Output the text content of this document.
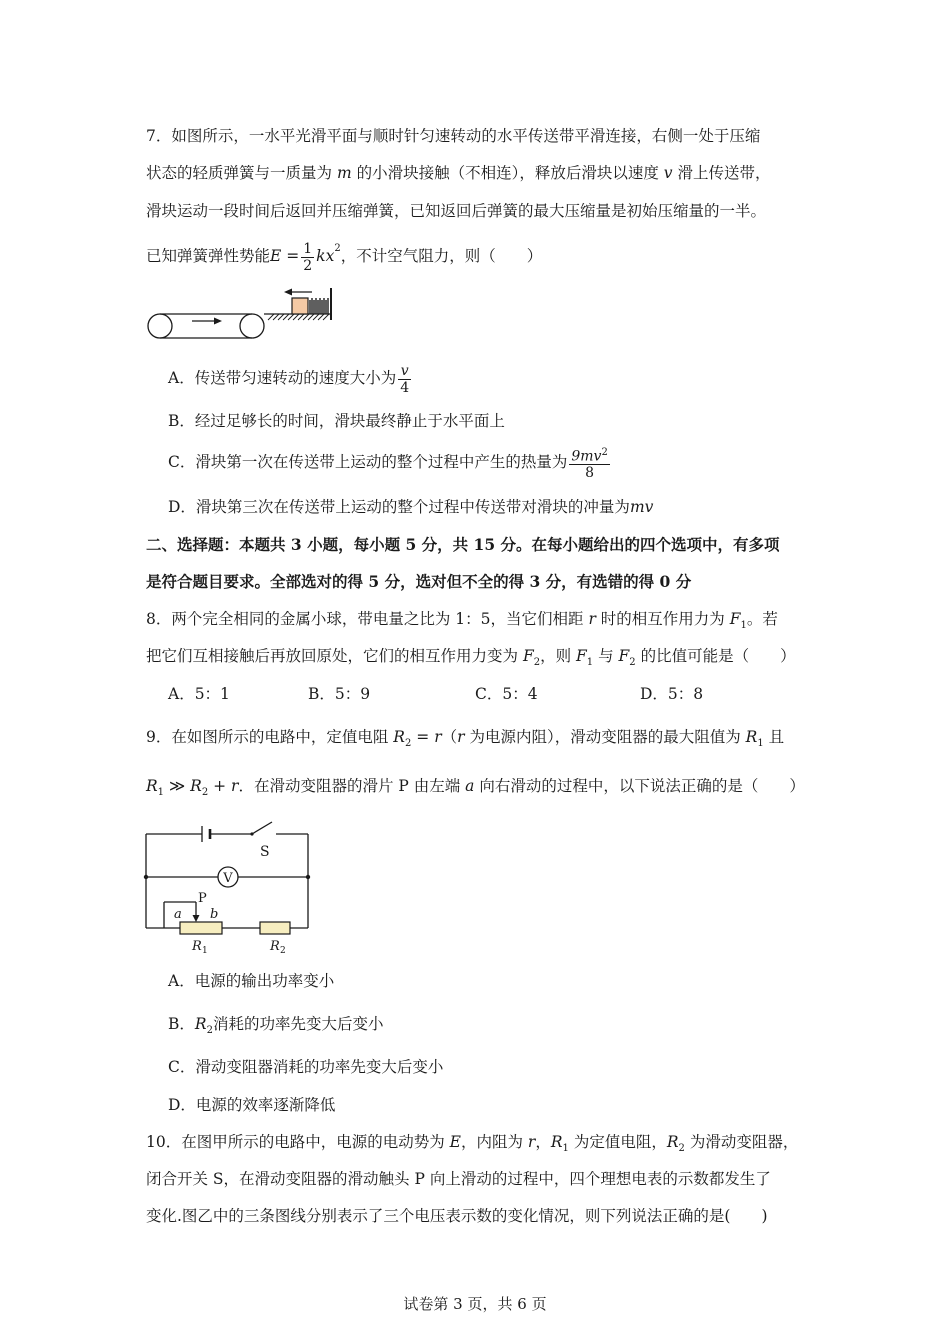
7．如图所示，一水平光滑平面与顺时针匀速转动的水平传送带平滑连接，右侧一处于压缩
状态的轻质弹簧与一质量为 m 的小滑块接触（不相连），释放后滑块以速度 v 滑上传送带，
滑块运动一段时间后返回并压缩弹簧，已知返回后弹簧的最大压缩量是初始压缩量的一半。
已知弹簧弹性势能$E = \frac{1}{2} kx^2$，不计空气阻力，则（　　）
A．传送带匀速转动的速度大小为 $\frac{v}{4}$
B．经过足够长的时间，滑块最终静止于水平面上
C．滑块第一次在传送带上运动的整个过程中产生的热量为 $\frac{9mv^2}{8}$
D．滑块第三次在传送带上运动的整个过程中传送带对滑块的冲量为mv
二、选择题：本题共 3 小题，每小题 5 分，共 15 分。在每小题给出的四个选项中，有多项
是符合题目要求。全部选对的得 5 分，选对但不全的得 3 分，有选错的得 0 分
8．两个完全相同的金属小球，带电量之比为 1：5，当它们相距 r 时的相互作用力为 $F_1$。若
把它们互相接触后再放回原处，它们的相互作用力变为 $F_2$，则 $F_1$ 与 $F_2$ 的比值可能是（　　）
A．5：1	B．5：9	C．5：4	D．5：8
9．在如图所示的电路中，定值电阻 $R_2 = r(r$ 为电源内阻），滑动变阻器的最大阻值为 $R_1$ 且
$R_1$ ≫ $R_2 + r$．在滑动变阻器的滑片 P 由左端 a 向右滑动的过程中，以下说法正确的是（　　）
S
V
P
a b
R 1	R 2
A．电源的输出功率变小
B．$R_2$消耗的功率先变大后变小
C．滑动变阻器消耗的功率先变大后变小
D．电源的效率逐渐降低
10．在图甲所示的电路中，电源的电动势为 E，内阻为 r，$R_1$ 为定值电阻，$R_2$ 为滑动变阻器，
闭合开关 S，在滑动变阻器的滑动触头 P 向上滑动的过程中，四个理想电表的示数都发生了
变化.图乙中的三条图线分别表示了三个电压表示数的变化情况，则下列说法正确的是(　　)
试卷第 3 页，共 6 页
